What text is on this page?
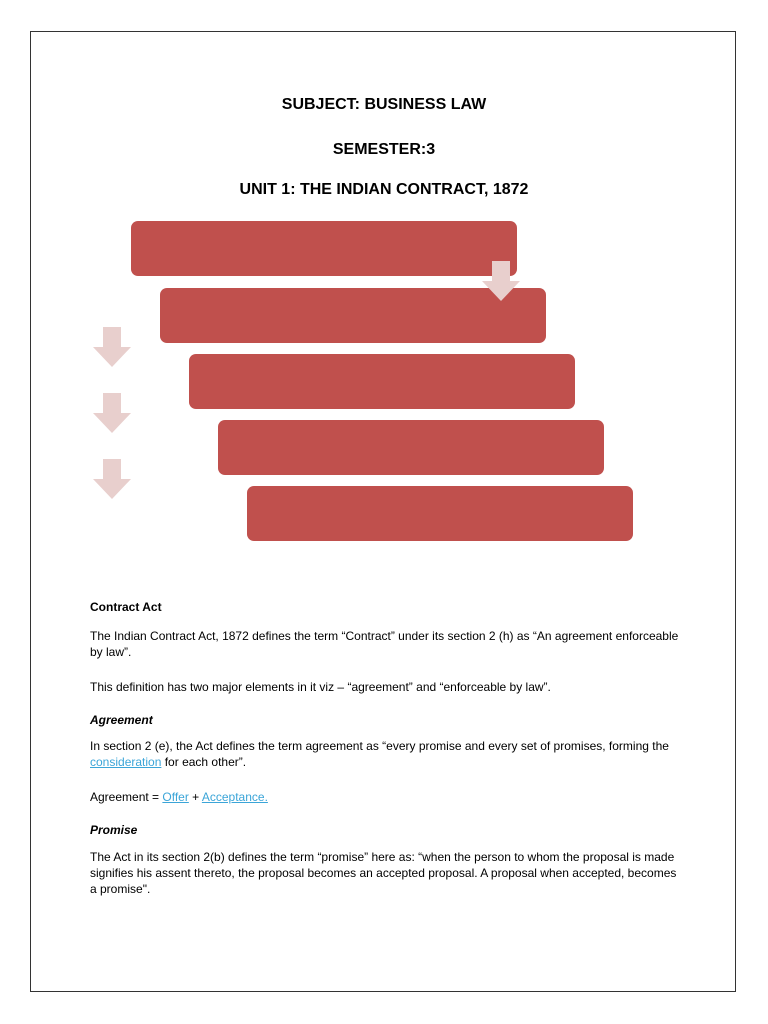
SUBJECT: BUSINESS LAW
SEMESTER:3
UNIT 1: THE INDIAN CONTRACT, 1872
Contract Act
The Indian Contract Act, 1872 defines the term “Contract” under its section 2 (h) as “An agreement enforceable by law”.
This definition has two major elements in it viz – “agreement” and “enforceable by law”.
Agreement
In section 2 (e), the Act defines the term agreement as “every promise and every set of promises, forming the consideration for each other”.
Agreement = Offer + Acceptance.
Promise
The Act in its section 2(b) defines the term “promise” here as: “when the person to whom the proposal is made signifies his assent thereto, the proposal becomes an accepted proposal. A proposal when accepted, becomes a promise".
